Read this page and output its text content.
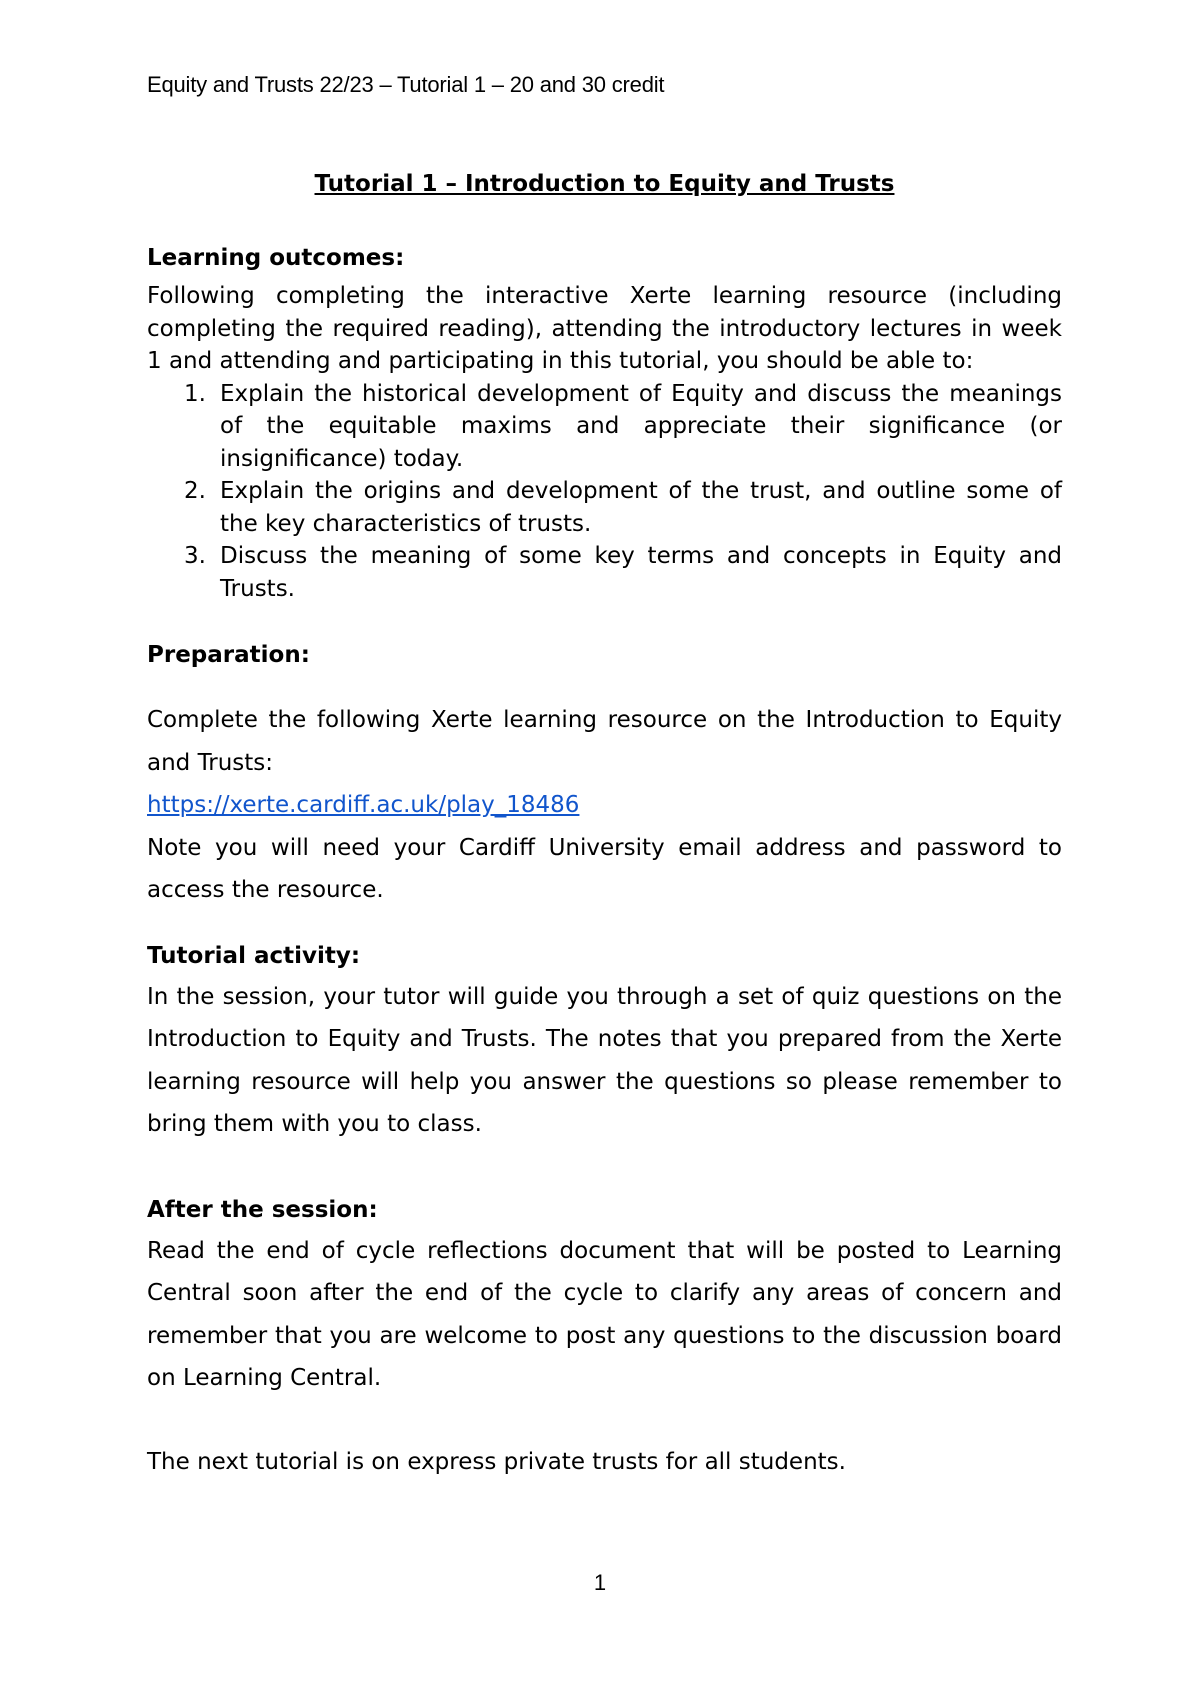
Equity and Trusts 22/23 – Tutorial 1 – 20 and 30 credit

Tutorial 1 – Introduction to Equity and Trusts

Learning outcomes:

Following completing the interactive Xerte learning resource (including completing the required reading), attending the introductory lectures in week 1 and attending and participating in this tutorial, you should be able to:

1. Explain the historical development of Equity and discuss the meanings of the equitable maxims and appreciate their significance (or insignificance) today.
2. Explain the origins and development of the trust, and outline some of the key characteristics of trusts.
3. Discuss the meaning of some key terms and concepts in Equity and Trusts.

Preparation:

Complete the following Xerte learning resource on the Introduction to Equity and Trusts:

https://xerte.cardiff.ac.uk/play_18486

Note you will need your Cardiff University email address and password to access the resource.

Tutorial activity:

In the session, your tutor will guide you through a set of quiz questions on the Introduction to Equity and Trusts. The notes that you prepared from the Xerte learning resource will help you answer the questions so please remember to bring them with you to class.

After the session:

Read the end of cycle reflections document that will be posted to Learning Central soon after the end of the cycle to clarify any areas of concern and remember that you are welcome to post any questions to the discussion board on Learning Central.

The next tutorial is on express private trusts for all students.

1
